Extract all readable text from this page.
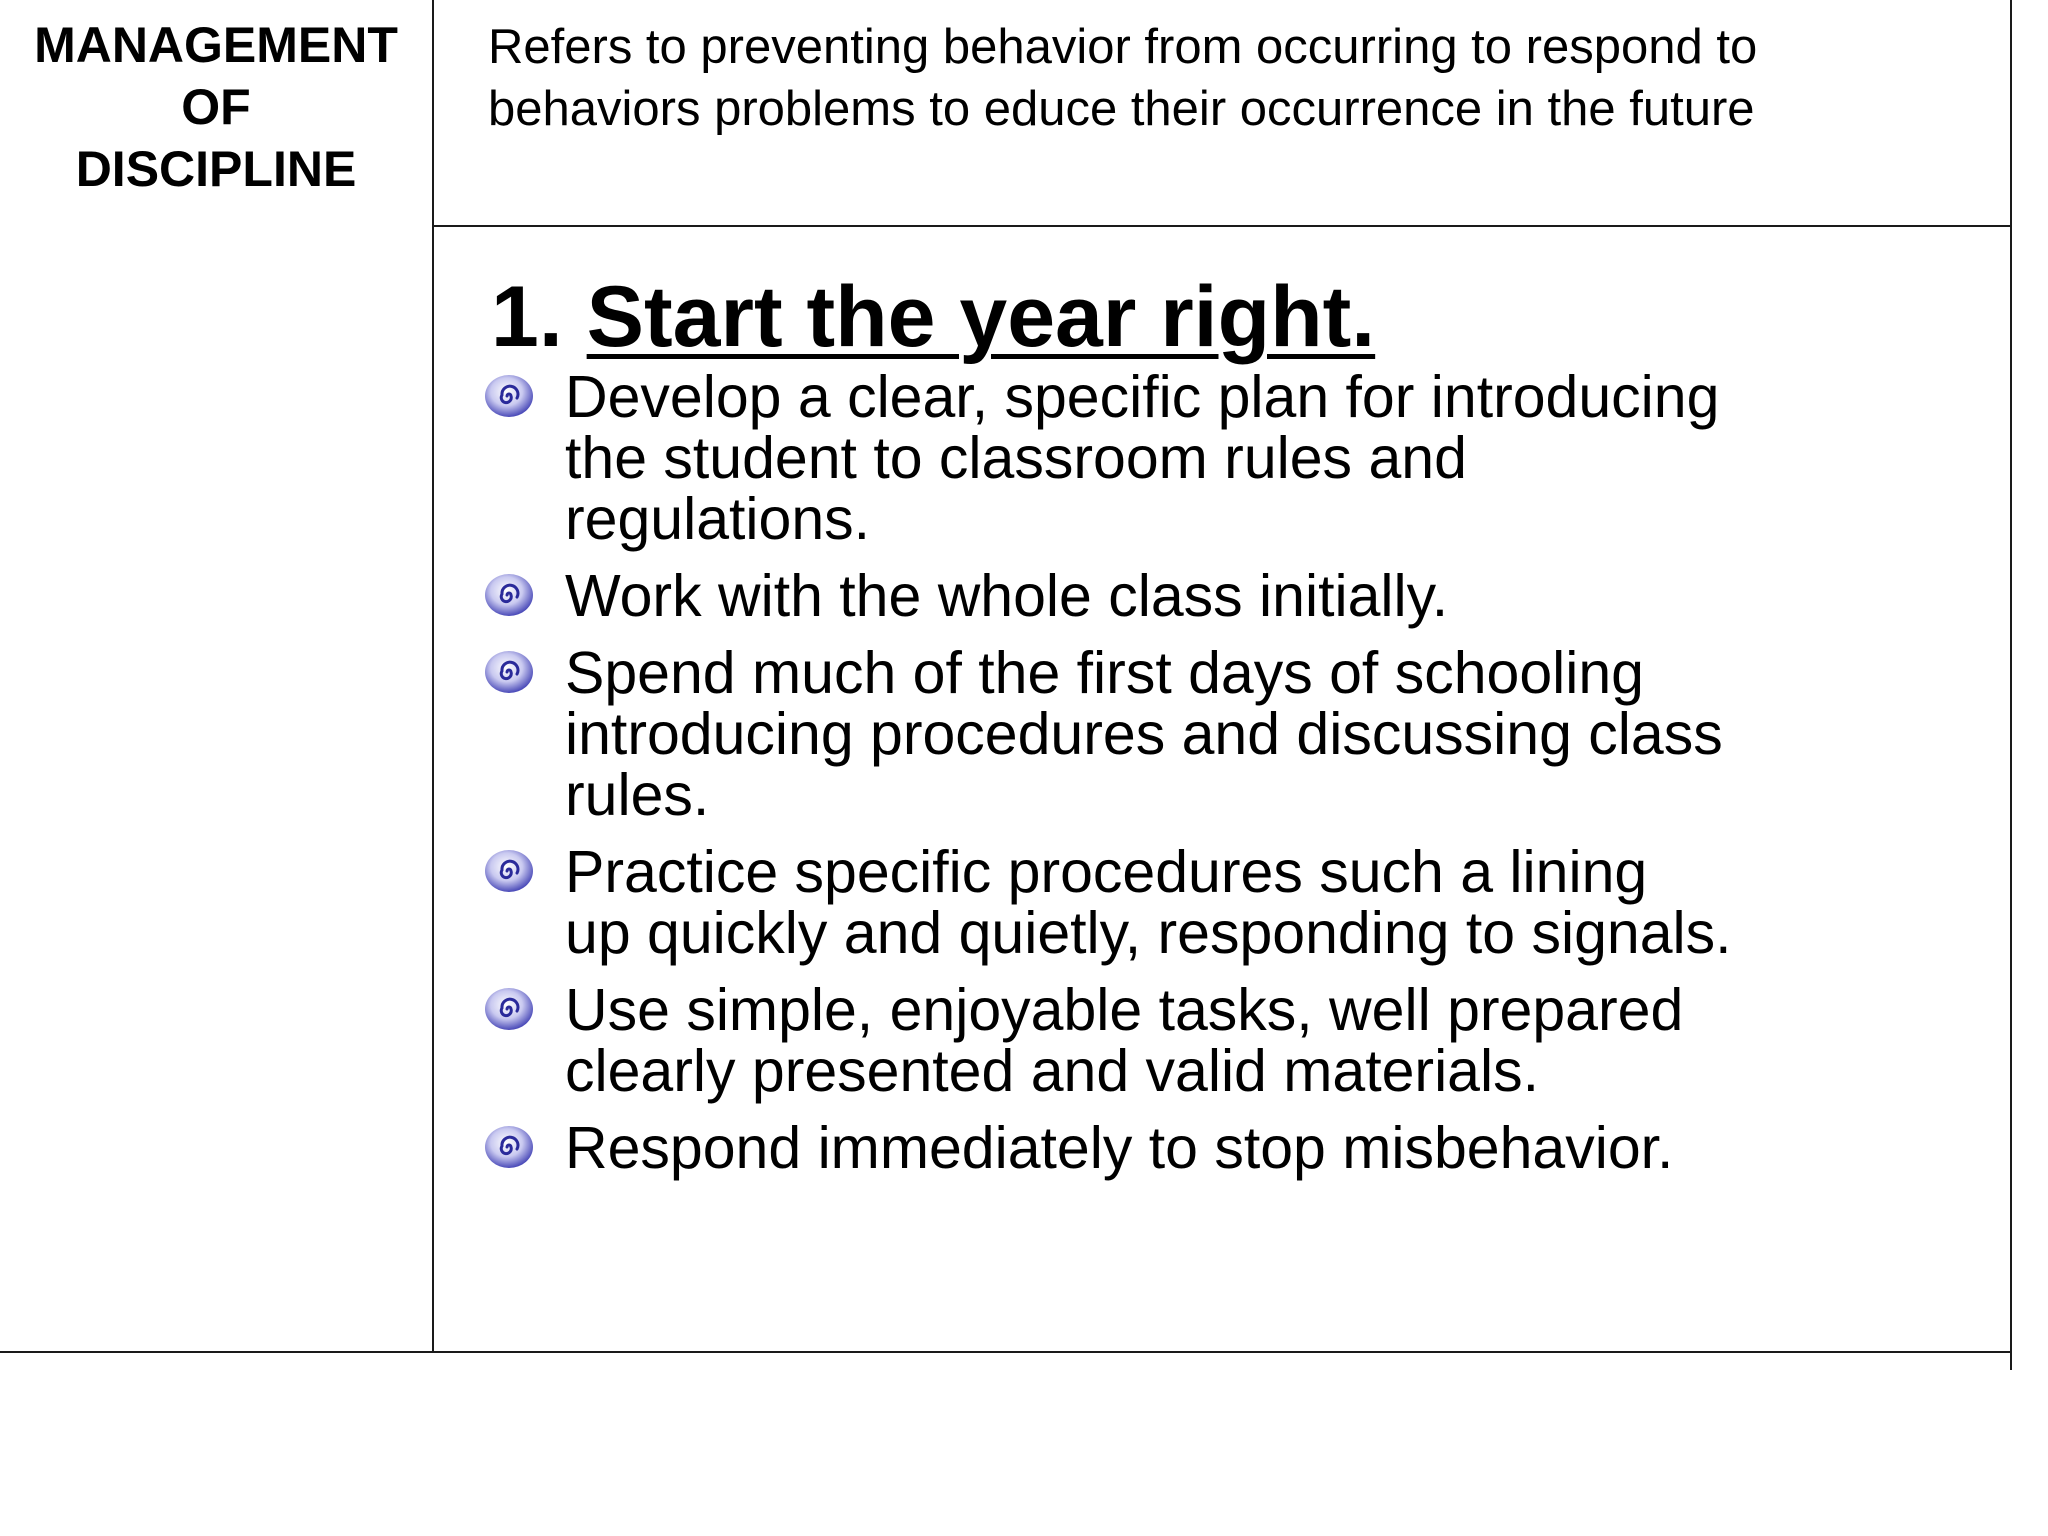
MANAGEMENT
OF
DISCIPLINE
Refers to preventing behavior from occurring to respond to
behaviors problems to educe their occurrence in the future
1. Start the year right.
Develop a clear, specific plan for introducing
the student to classroom rules and
regulations.
Work with the whole class initially.
Spend much of the first days of schooling
introducing procedures and discussing class
rules.
Practice specific procedures such a lining
up quickly and quietly, responding to signals.
Use simple, enjoyable tasks, well prepared
clearly presented and valid materials.
Respond immediately to stop misbehavior.
